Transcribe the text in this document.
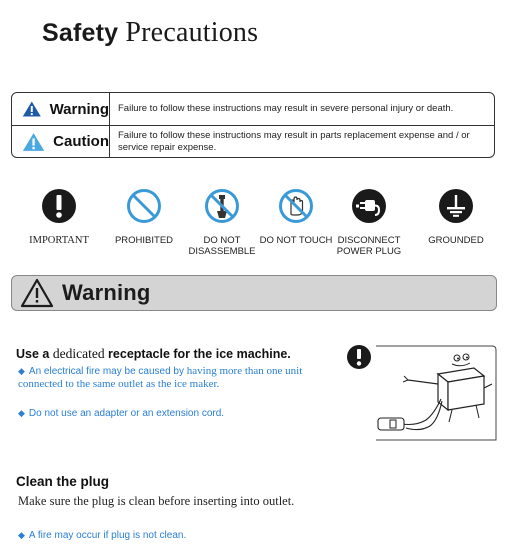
Safety Precautions
Warning Failure to follow these instructions may result in severe personal injury or death.
Caution Failure to follow these instructions may result in parts replacement expense and / or service repair expense.
IMPORTANT	PROHIBITED	DO NOT DISASSEMBLE
DO NOT TOUCH DISCONNECT POWER PLUG
GROUNDED
Warning
Use a dedicated receptacle for the ice machine.
◆ An electrical fire may be caused by having more than one unit connected to the same outlet as the ice maker.
◆ Do not use an adapter or an extension cord.
Clean the plug
Make sure the plug is clean before inserting into outlet.
◆ A fire may occur if plug is not clean.
